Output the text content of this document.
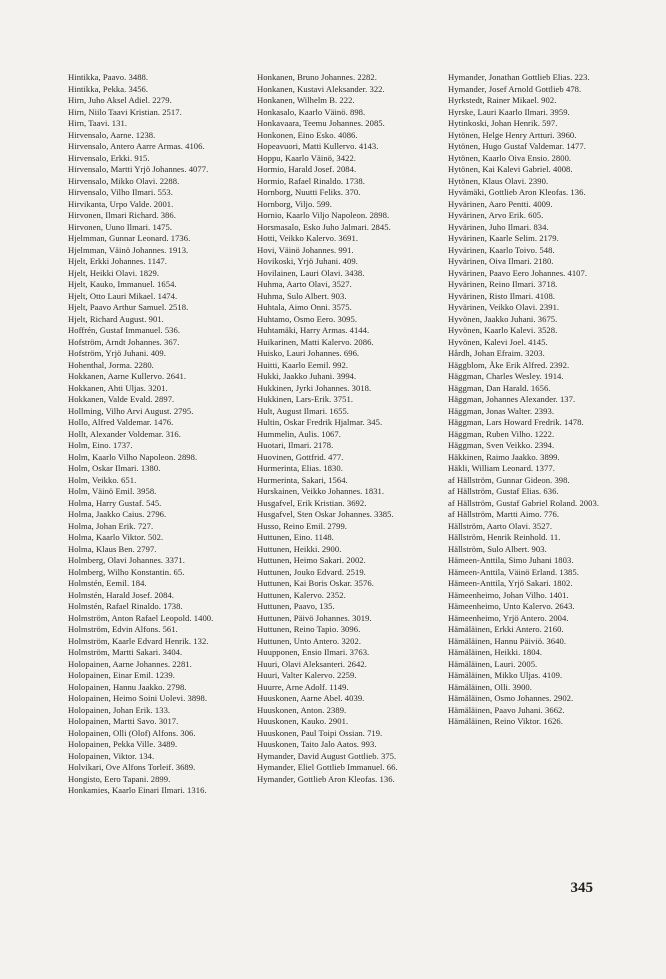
Hintikka, Paavo. 3488.

Hintikka, Pekka. 3456.

Hirn, Juho Aksel Adiel. 2279.

Hirn, Niilo Taavi Kristian. 2517.

Hirn, Taavi. 131.

Hirvensalo, Aarne. 1238.

Hirvensalo, Antero Aarre Armas. 4106.

Hirvensalo, Erkki. 915.

Hirvensalo, Martti Yrjö Johannes. 4077.

Hirvensalo, Mikko Olavi. 2288.

Hirvensalo, Vilho Ilmari. 553.

Hirvikanta, Urpo Valde. 2001.

Hirvonen, Ilmari Richard. 386.

Hirvonen, Uuno Ilmari. 1475.

Hjelmman, Gunnar Leonard. 1736.

Hjelmman, Väinö Johannes. 1913.

Hjelt, Erkki Johannes. 1147.

Hjelt, Heikki Olavi. 1829.

Hjelt, Kauko, Immanuel. 1654.

Hjelt, Otto Lauri Mikael. 1474.

Hjelt, Paavo Arthur Samuel. 2518.

Hjelt, Richard August. 901.

Hoffrén, Gustaf Immanuel. 536.

Hofström, Arndt Johannes. 367.

Hofström, Yrjö Juhani. 409.

Hohenthal, Jorma. 2280.

Hokkanen, Aarne Kullervo. 2641.

Hokkanen, Ahti Uljas. 3201.

Hokkanen, Valde Evald. 2897.

Hollming, Vilho Arvi August. 2795.

Hollo, Alfred Valdemar. 1476.

Hollt, Alexander Voldemar. 316.

Holm, Eino. 1737.

Holm, Kaarlo Vilho Napoleon. 2898.

Holm, Oskar Ilmari. 1380.

Holm, Veikko. 651.

Holm, Väinö Emil. 3958.

Holma, Harry Gustaf. 545.

Holma, Jaakko Caius. 2796.

Holma, Johan Erik. 727.

Holma, Kaarlo Viktor. 502.

Holma, Klaus Ben. 2797.

Holmberg, Olavi Johannes. 3371.

Holmberg, Wilho Konstantin. 65.

Holmstén, Eemil. 184.

Holmstén, Harald Josef. 2084.

Holmstén, Rafael Rinaldo. 1738.

Holmström, Anton Rafael Leopold. 1400.

Holmström, Edvin Alfons. 561.

Holmström, Kaarle Edvard Henrik. 132.

Holmström, Martti Sakari. 3404.

Holopainen, Aarne Johannes. 2281.

Holopainen, Einar Emil. 1239.

Holopainen, Hannu Jaakko. 2798.

Holopainen, Heimo Soini Uolevi. 3898.

Holopainen, Johan Erik. 133.

Holopainen, Martti Savo. 3017.

Holopainen, Olli (Olof) Alfons. 306.

Holopainen, Pekka Ville. 3489.

Holopainen, Viktor. 134.

Holvikari, Ove Alfons Torleif. 3689.

Hongisto, Eero Tapani. 2899.

Honkamies, Kaarlo Einari Ilmari. 1316.

Honkanen, Bruno Johannes. 2282.

Honkanen, Kustavi Aleksander. 322.

Honkanen, Wilhelm B. 222.

Honkasalo, Kaarlo Väinö. 898.

Honkavaara, Teemu Johannes. 2085.

Honkonen, Eino Esko. 4086.

Hopeavuori, Matti Kullervo. 4143.

Hoppu, Kaarlo Väinö, 3422.

Hormio, Harald Josef. 2084.

Hormio, Rafael Rinaldo. 1738.

Hornborg, Nuutti Feliks. 370.

Hornborg, Viljo. 599.

Hornio, Kaarlo Viljo Napoleon. 2898.

Horsmasalo, Esko Juho Jalmari. 2845.

Hotti, Veikko Kalervo. 3691.

Hovi, Väinö Johannes. 991.

Hovikoski, Yrjö Juhani. 409.

Hovilainen, Lauri Olavi. 3438.

Huhma, Aarto Olavi, 3527.

Huhma, Sulo Albert. 903.

Huhtala, Aimo Onni. 3575.

Huhtamo, Osmo Eero. 3095.

Huhtamäki, Harry Armas. 4144.

Huikarinen, Matti Kalervo. 2086.

Huisko, Lauri Johannes. 696.

Huitti, Kaarlo Eemil. 992.

Hukki, Jaakko Juhani. 3994.

Hukkinen, Jyrki Johannes. 3018.

Hukkinen, Lars-Erik. 3751.

Hult, August Ilmari. 1655.

Hultin, Oskar Fredrik Hjalmar. 345.

Hummelin, Aulis. 1067.

Huotari, Ilmari. 2178.

Huovinen, Gottfrid. 477.

Hurmerinta, Elias. 1830.

Hurmerinta, Sakari, 1564.

Hurskainen, Veikko Johannes. 1831.

Husgafvel, Erik Kristian. 3692.

Husgafvel, Sten Oskar Johannes. 3385.

Husso, Reino Emil. 2799.

Huttunen, Eino. 1148.

Huttunen, Heikki. 2900.

Huttunen, Heimo Sakari. 2002.

Huttunen, Jouko Edvard. 2519.

Huttunen, Kai Boris Oskar. 3576.

Huttunen, Kalervo. 2352.

Huttunen, Paavo, 135.

Huttunen, Päivö Johannes. 3019.

Huttunen, Reino Tapio. 3096.

Huttunen, Unto Antero. 3202.

Huupponen, Ensio Ilmari. 3763.

Huuri, Olavi Aleksanteri. 2642.

Huuri, Valter Kalervo. 2259.

Huurre, Arne Adolf. 1149.

Huuskonen, Aarne Abel. 4039.

Huuskonen, Anton. 2389.

Huuskonen, Kauko. 2901.

Huuskonen, Paul Toipi Ossian. 719.

Huuskonen, Taito Jalo Aatos. 993.

Hymander, David August Gottlieb. 375.

Hymander, Eliel Gottlieb Immanuel. 66.

Hymander, Gottlieb Aron Kleofas. 136.

Hymander, Jonathan Gottlieb Elias. 223.

Hymander, Josef Arnold Gottlieb 478.

Hyrkstedt, Rainer Mikael. 902.

Hyrske, Lauri Kaarlo Ilmari. 3959.

Hytinkoski, Johan Henrik. 597.

Hytönen, Helge Henry Artturi. 3960.

Hytönen, Hugo Gustaf Valdemar. 1477.

Hytönen, Kaarlo Oiva Ensio. 2800.

Hytönen, Kai Kalevi Gabriel. 4008.

Hytönen, Klaus Olavi. 2390.

Hyvämäki, Gottlieb Aron Kleofas. 136.

Hyvärinen, Aaro Pentti. 4009.

Hyvärinen, Arvo Erik. 605.

Hyvärinen, Juho Ilmari. 834.

Hyvärinen, Kaarle Selim. 2179.

Hyvärinen, Kaarlo Toivo. 548.

Hyvärinen, Oiva Ilmari. 2180.

Hyvärinen, Paavo Eero Johannes. 4107.

Hyvärinen, Reino Ilmari. 3718.

Hyvärinen, Risto Ilmari. 4108.

Hyvärinen, Veikko Olavi. 2391.

Hyvönen, Jaakko Juhani. 3675.

Hyvönen, Kaarlo Kalevi. 3528.

Hyvönen, Kalevi Joel. 4145.

Hårdh, Johan Efraim. 3203.

Häggblom, Åke Erik Alfred. 2392.

Häggman, Charles Wesley. 1914.

Häggman, Dan Harald. 1656.

Häggman, Johannes Alexander. 137.

Häggman, Jonas Walter. 2393.

Häggman, Lars Howard Fredrik. 1478.

Häggman, Ruben Vilho. 1222.

Häggman, Sven Veikko. 2394.

Häkkinen, Raimo Jaakko. 3899.

Häkli, William Leonard. 1377.

af Hällström, Gunnar Gideon. 398.

af Hällström, Gustaf Elias. 636.

af Hällström, Gustaf Gabriel Roland. 2003.

af Hällström, Martti Aimo. 776.

Hällström, Aarto Olavi. 3527.

Hällström, Henrik Reinhold. 11.

Hällström, Sulo Albert. 903.

Hämeen-Anttila, Simo Juhani 1803.

Hämeen-Anttila, Väinö Erland. 1385.

Hämeen-Anttila, Yrjö Sakari. 1802.

Hämeenheimo, Johan Vilho. 1401.

Hämeenheimo, Unto Kalervo. 2643.

Hämeenheimo, Yrjö Antero. 2004.

Hämäläinen, Erkki Antero. 2160.

Hämäläinen, Hannu Päiviö. 3640.

Hämäläinen, Heikki. 1804.

Hämäläinen, Lauri. 2005.

Hämäläinen, Mikko Uljas. 4109.

Hämäläinen, Olli. 3900.

Hämäläinen, Osmo Johannes. 2902.

Hämäläinen, Paavo Juhani. 3662.

Hämäläinen, Reino Viktor. 1626.

345
